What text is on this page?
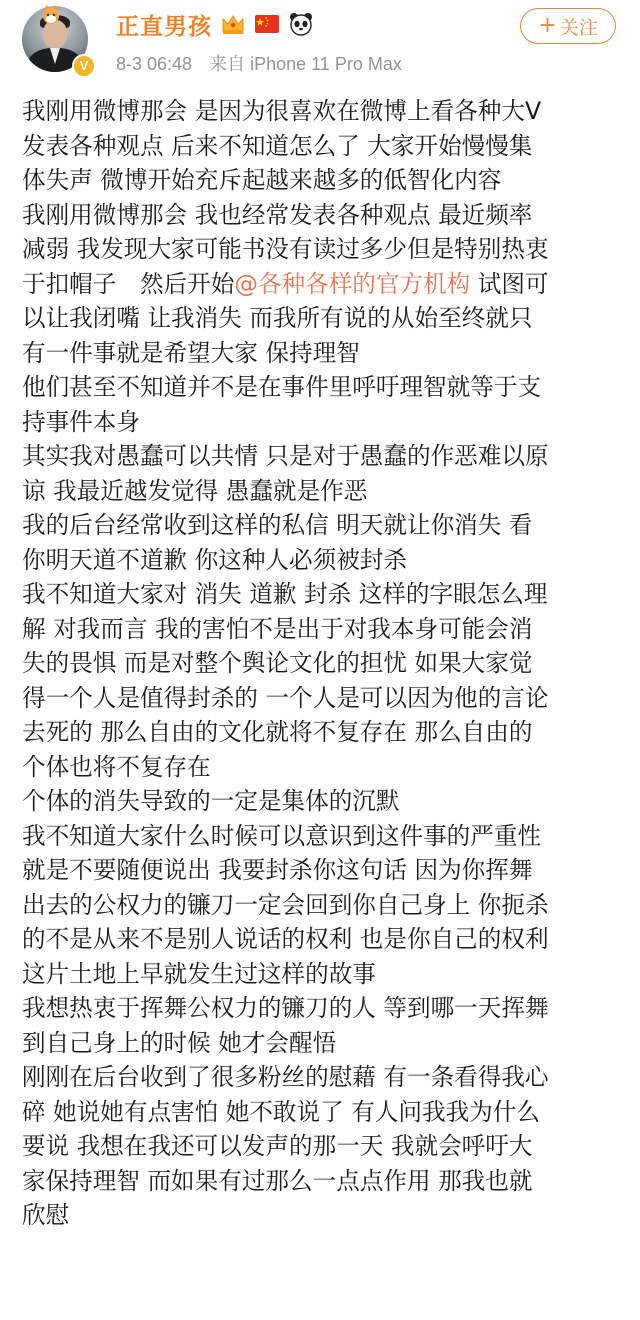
V
正直男孩
8-3 06:48 来自 iPhone 11 Pro Max
+ 关注

我刚用微博那会 是因为很喜欢在微博上看各种大V

发表各种观点 后来不知道怎么了 大家开始慢慢集

体失声 微博开始充斥起越来越多的低智化内容

我刚用微博那会 我也经常发表各种观点 最近频率

减弱 我发现大家可能书没有读过多少但是特别热衷

于扣帽子　然后开始@各种各样的官方机构 试图可

以让我闭嘴 让我消失 而我所有说的从始至终就只

有一件事就是希望大家 保持理智

他们甚至不知道并不是在事件里呼吁理智就等于支

持事件本身

其实我对愚蠢可以共情 只是对于愚蠢的作恶难以原

谅 我最近越发觉得 愚蠢就是作恶

我的后台经常收到这样的私信 明天就让你消失 看

你明天道不道歉 你这种人必须被封杀

我不知道大家对 消失 道歉 封杀 这样的字眼怎么理

解 对我而言 我的害怕不是出于对我本身可能会消

失的畏惧 而是对整个舆论文化的担忧 如果大家觉

得一个人是值得封杀的 一个人是可以因为他的言论

去死的 那么自由的文化就将不复存在 那么自由的

个体也将不复存在

个体的消失导致的一定是集体的沉默

我不知道大家什么时候可以意识到这件事的严重性

就是不要随便说出 我要封杀你这句话 因为你挥舞

出去的公权力的镰刀一定会回到你自己身上 你扼杀

的不是从来不是别人说话的权利 也是你自己的权利

这片土地上早就发生过这样的故事

我想热衷于挥舞公权力的镰刀的人 等到哪一天挥舞

到自己身上的时候 她才会醒悟

刚刚在后台收到了很多粉丝的慰藉 有一条看得我心

碎 她说她有点害怕 她不敢说了 有人问我我为什么

要说 我想在我还可以发声的那一天 我就会呼吁大

家保持理智 而如果有过那么一点点作用 那我也就

欣慰
